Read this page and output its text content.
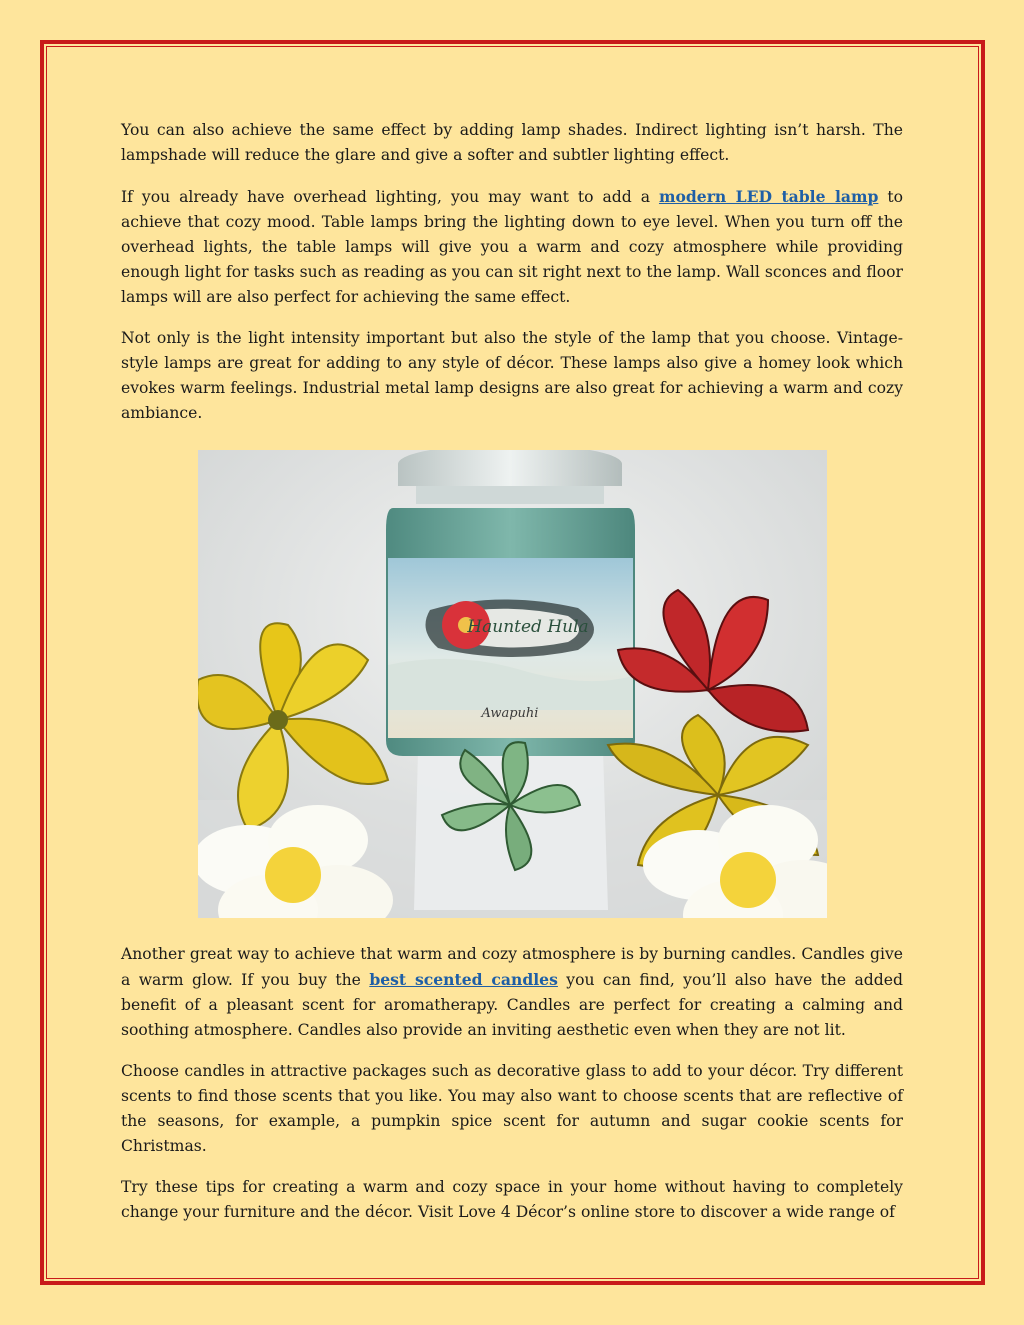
You can also achieve the same effect by adding lamp shades. Indirect lighting isn’t harsh. The lampshade will reduce the glare and give a softer and subtler lighting effect.

If you already have overhead lighting, you may want to add a modern LED table lamp to achieve that cozy mood. Table lamps bring the lighting down to eye level. When you turn off the overhead lights, the table lamps will give you a warm and cozy atmosphere while providing enough light for tasks such as reading as you can sit right next to the lamp. Wall sconces and floor lamps will are also perfect for achieving the same effect.

Not only is the light intensity important but also the style of the lamp that you choose. Vintage-style lamps are great for adding to any style of décor. These lamps also give a homey look which evokes warm feelings. Industrial metal lamp designs are also great for achieving a warm and cozy ambiance.

Haunted Hula
Awapuhi

Another great way to achieve that warm and cozy atmosphere is by burning candles. Candles give a warm glow. If you buy the best scented candles you can find, you’ll also have the added benefit of a pleasant scent for aromatherapy. Candles are perfect for creating a calming and soothing atmosphere. Candles also provide an inviting aesthetic even when they are not lit.

Choose candles in attractive packages such as decorative glass to add to your décor. Try different scents to find those scents that you like. You may also want to choose scents that are reflective of the seasons, for example, a pumpkin spice scent for autumn and sugar cookie scents for Christmas.

Try these tips for creating a warm and cozy space in your home without having to completely change your furniture and the décor. Visit Love 4 Décor’s online store to discover a wide range of
